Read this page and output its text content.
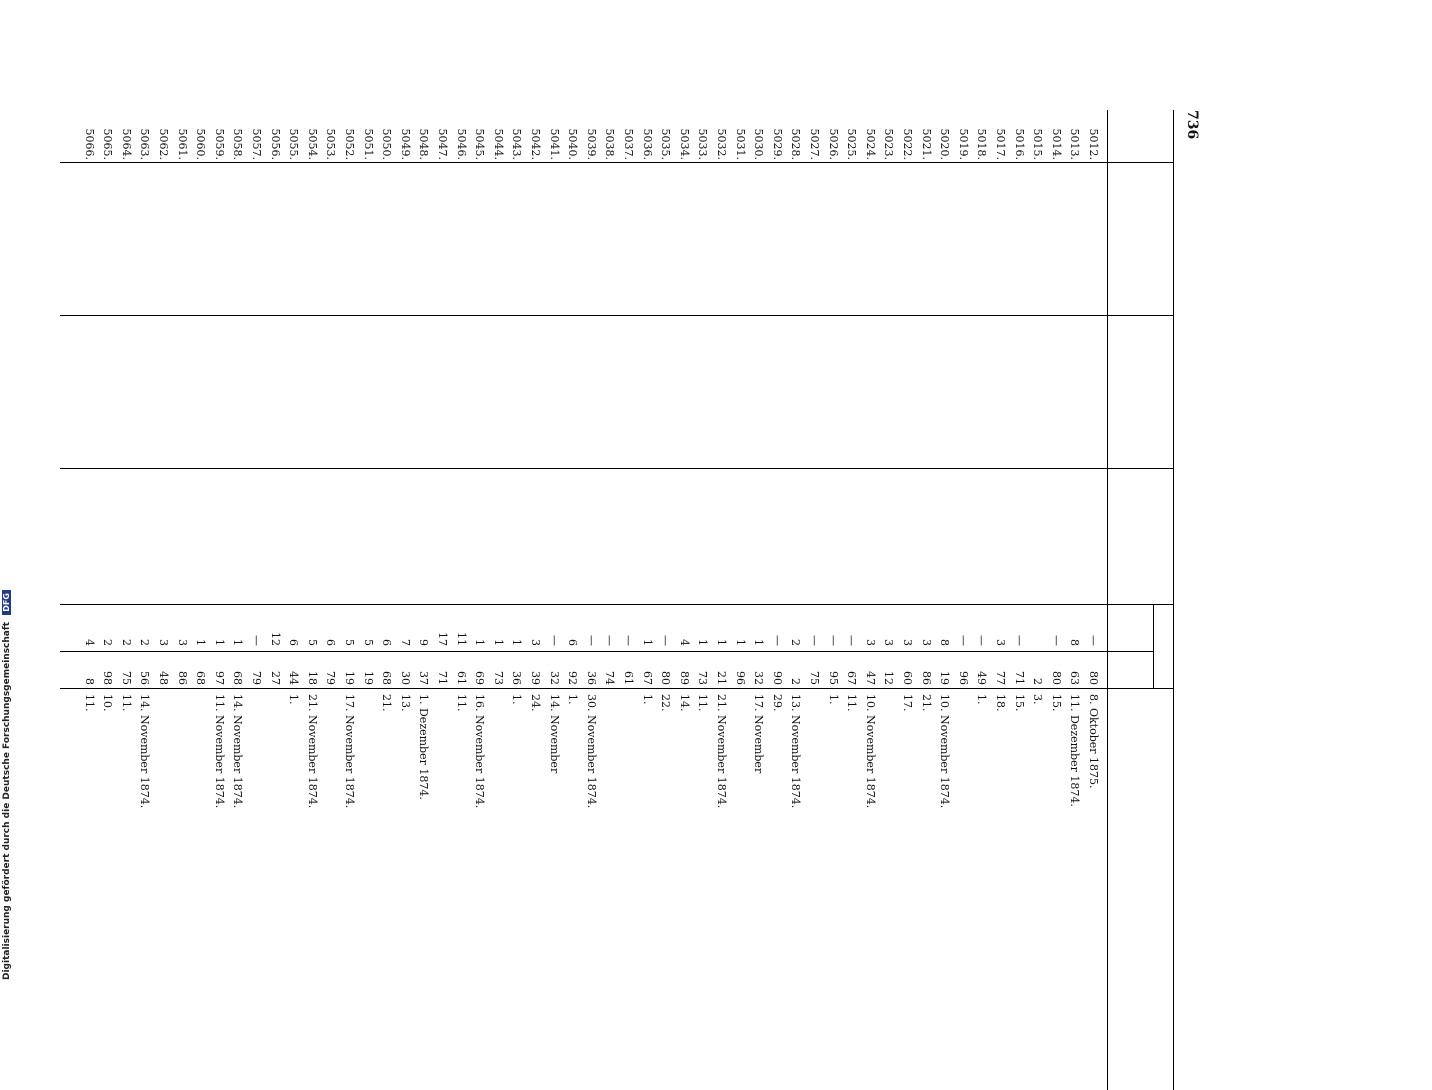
736
5012.
—
80
8. Oktober 1875.
5013.
8
63
11. Dezember 1874.
5014.
—
80
15.
5015.
2
3.
5016.
—
71
15.
5017.
3
77
18.
5018.
—
49
1.
5019.
—
96
5020.
8
19
10. November 1874.
5021.
3
86
21.
5022.
3
60
17.
5023.
3
12
5024.
3
47
10. November 1874.
5025.
—
67
11.
5026.
—
95
1.
5027.
—
75
5028.
2
2
13. November 1874.
5029.
—
90
29.
5030.
1
32
17. November
5031.
1
96
5032.
1
21
21. November 1874.
5033.
1
73
11.
5034.
4
89
14.
5035.
—
80
22.
5036.
1
67
1.
5037.
—
61
5038.
—
74
5039.
—
36
30. November 1874.
5040.
6
92
1.
5041.
—
32
14. November
5042.
3
39
24.
5043.
1
36
1.
5044.
1
73
5045.
1
69
16. November 1874.
5046.
11
61
11.
5047.
17
71
5048.
9
37
1. Dezember 1874.
5049.
7
30
13.
5050.
6
68
21.
5051.
5
19
5052.
5
19
17. November 1874.
5053.
6
79
5054.
5
18
21. November 1874.
5055.
6
44
1.
5056.
12
27
5057.
—
79
5058.
1
68
14. November 1874.
5059.
1
97
11. November 1874.
5060.
1
68
5061.
3
86
5062.
3
48
5063.
2
56
14. November 1874.
5064.
2
75
11.
5065.
2
98
10.
5066.
4
8
11.
Digitalisierung gefördert durch die Deutsche Forschungsgemeinschaft DFG
